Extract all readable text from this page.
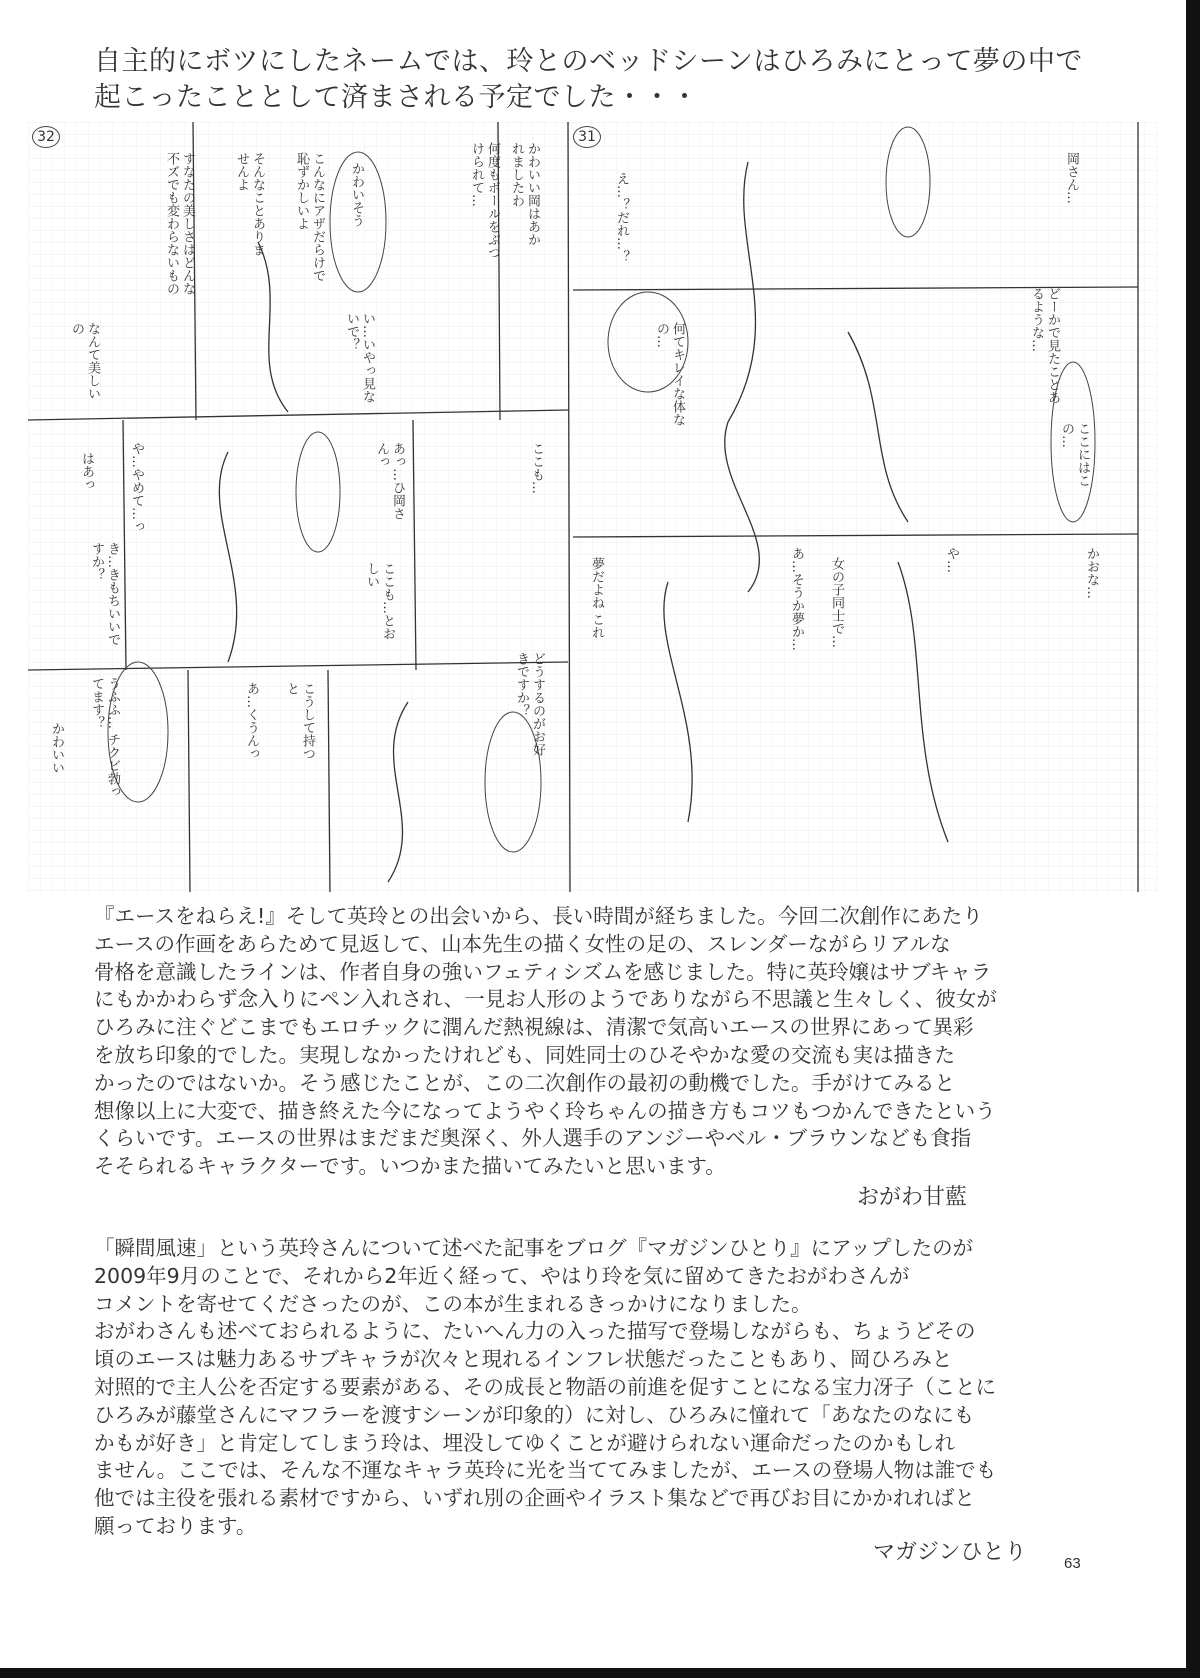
自主的にボツにしたネームでは、玲とのベッドシーンはひろみにとって夢の中で
起こったこととして済まされる予定でした・・・
32	31
岡さん…
どーかで見たことあるような…
ここにはこの…
何てキレイな体なの…
え…？だれ…？
かわいい岡はあかれましたわ
何度もボールをぶつけられて…
かわいそう
こんなにアザだらけで恥ずかしいよ
い…いやっ見ないで？
そんなことありませんよ
すなたの美しさはどんな不ズでも変わらないもの
なんて美しいの
ここも…
あっ…ひ岡さんっ
ここも…とおしい
や…やめて…っ
はあっ
き…きもちいいですか？
うふふ… チクビ勃ってます？
かわいい	あ…くうんっ	こうして持つと	どうするのがお好きですか？
や…	かおな…
あ…そうか夢か…
夢だよね これ	女の子同士で…
『エースをねらえ!』そして英玲との出会いから、長い時間が経ちました。今回二次創作にあたり
エースの作画をあらためて見返して、山本先生の描く女性の足の、スレンダーながらリアルな
骨格を意識したラインは、作者自身の強いフェティシズムを感じました。特に英玲嬢はサブキャラ
にもかかわらず念入りにペン入れされ、一見お人形のようでありながら不思議と生々しく、彼女が
ひろみに注ぐどこまでもエロチックに潤んだ熱視線は、清潔で気高いエースの世界にあって異彩
を放ち印象的でした。実現しなかったけれども、同姓同士のひそやかな愛の交流も実は描きた
かったのではないか。そう感じたことが、この二次創作の最初の動機でした。手がけてみると
想像以上に大変で、描き終えた今になってようやく玲ちゃんの描き方もコツもつかんできたという
くらいです。エースの世界はまだまだ奥深く、外人選手のアンジーやベル・ブラウンなども食指
そそられるキャラクターです。いつかまた描いてみたいと思います。
おがわ甘藍
「瞬間風速」という英玲さんについて述べた記事をブログ『マガジンひとり』にアップしたのが
2009年9月のことで、それから2年近く経って、やはり玲を気に留めてきたおがわさんが
コメントを寄せてくださったのが、この本が生まれるきっかけになりました。
おがわさんも述べておられるように、たいへん力の入った描写で登場しながらも、ちょうどその
頃のエースは魅力あるサブキャラが次々と現れるインフレ状態だったこともあり、岡ひろみと
対照的で主人公を否定する要素がある、その成長と物語の前進を促すことになる宝力冴子（ことに
ひろみが藤堂さんにマフラーを渡すシーンが印象的）に対し、ひろみに憧れて「あなたのなにも
かもが好き」と肯定してしまう玲は、埋没してゆくことが避けられない運命だったのかもしれ
ません。ここでは、そんな不運なキャラ英玲に光を当ててみましたが、エースの登場人物は誰でも
他では主役を張れる素材ですから、いずれ別の企画やイラスト集などで再びお目にかかれればと
願っております。
マガジンひとり	63
